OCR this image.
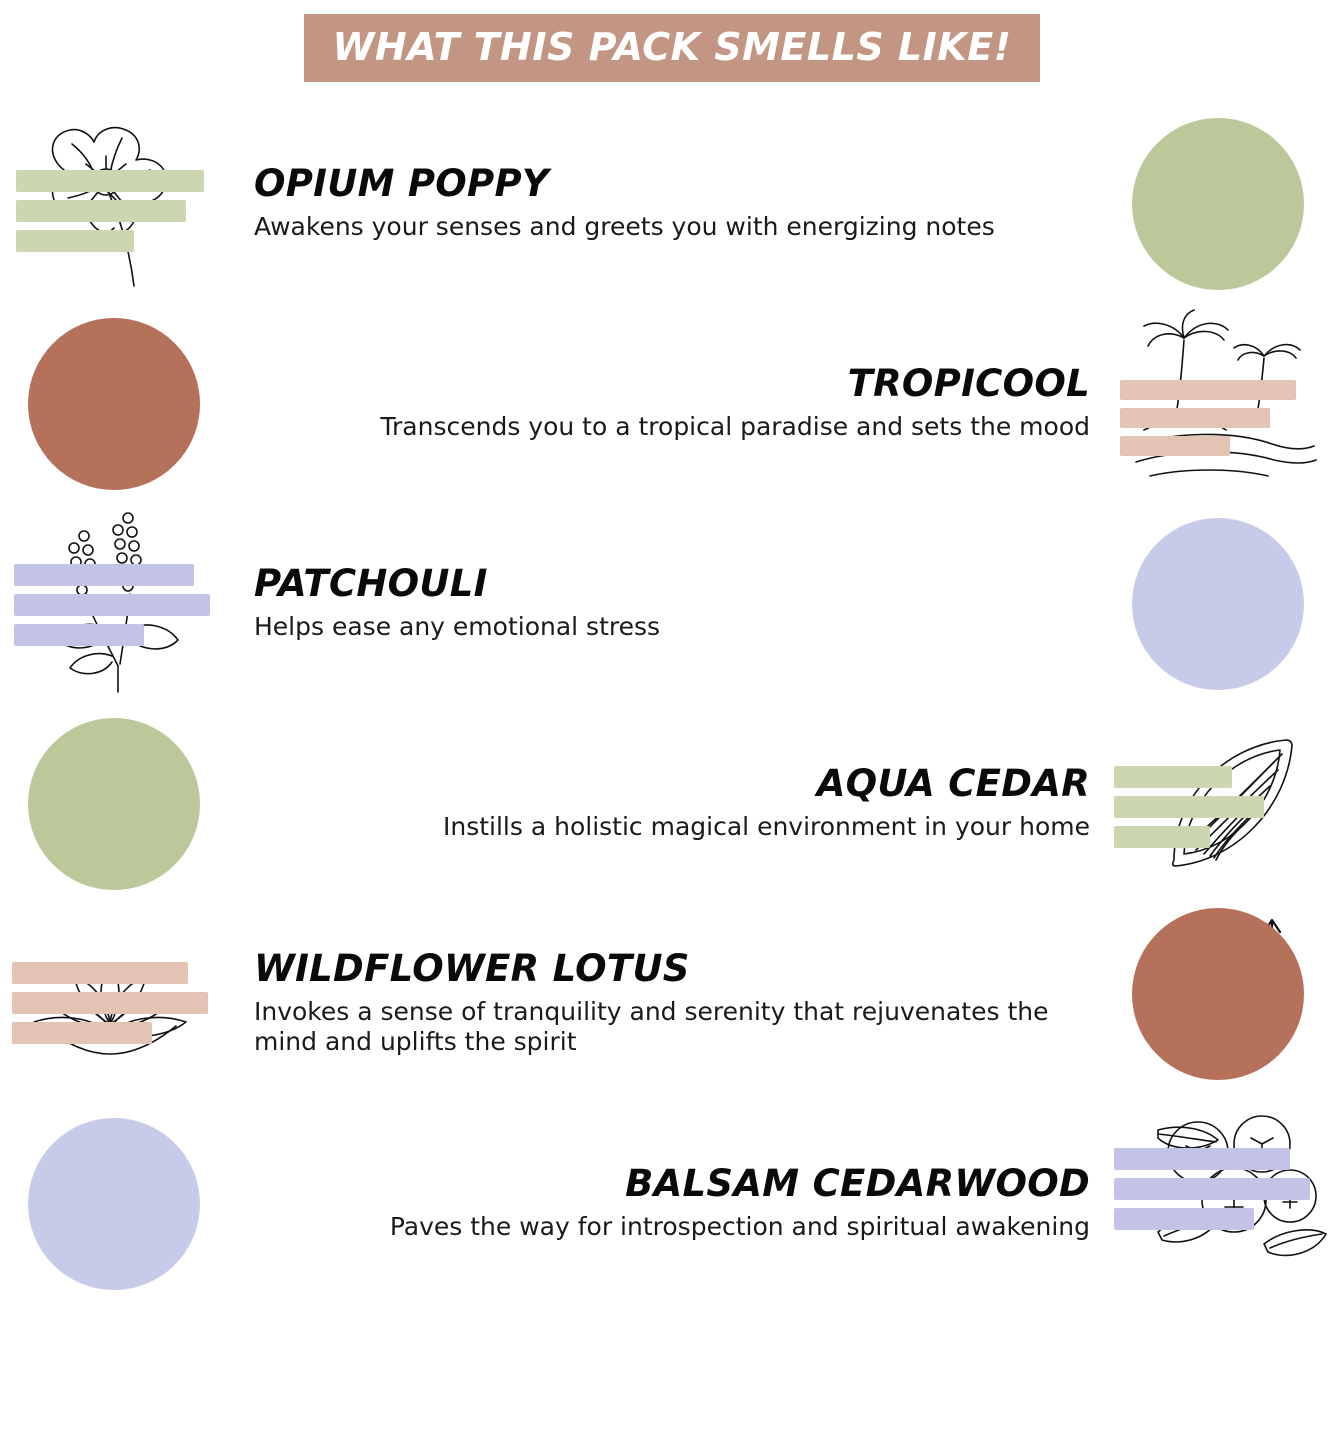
WHAT THIS PACK SMELLS LIKE!

OPIUM POPPY

Awakens your senses and greets you with energizing notes

TROPICOOL

Transcends you to a tropical paradise and sets the mood

PATCHOULI

Helps ease any emotional stress

AQUA CEDAR

Instills a holistic magical environment in your home

WILDFLOWER LOTUS

Invokes a sense of tranquility and serenity that rejuvenates the mind and uplifts the spirit

BALSAM CEDARWOOD

Paves the way for introspection and spiritual awakening
